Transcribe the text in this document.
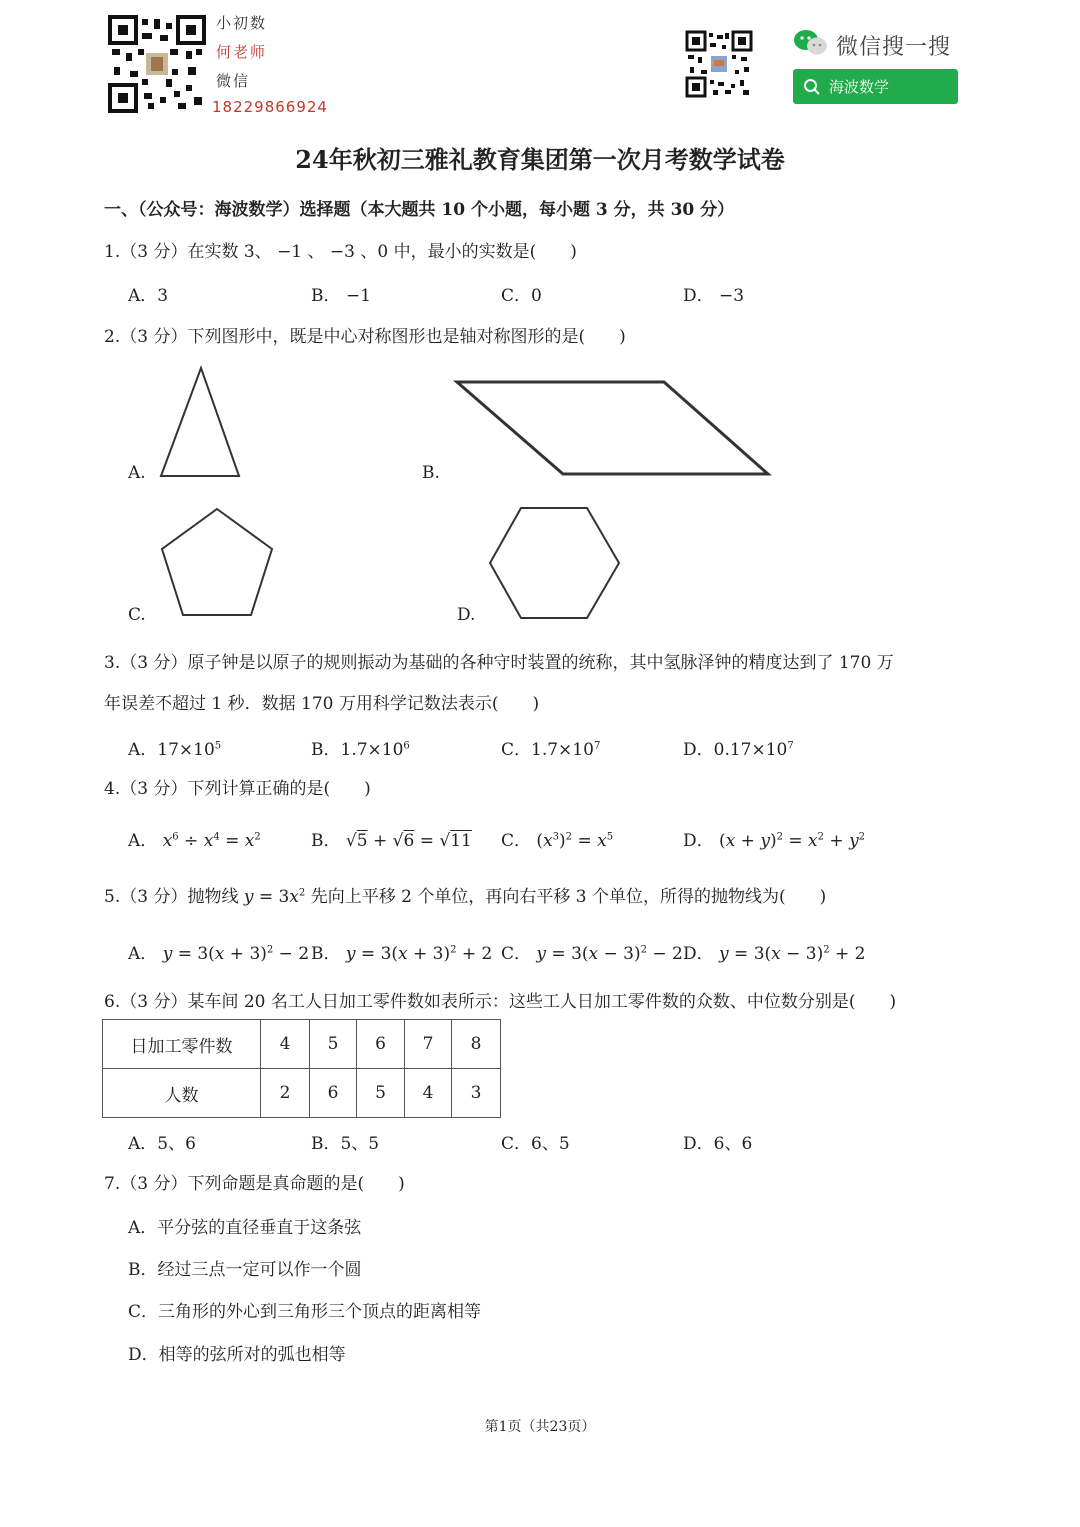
小初数
何老师
微信
18229866924
微信搜一搜
海波数学
24年秋初三雅礼教育集团第一次月考数学试卷
一、（公众号：海波数学）选择题（本大题共 10 个小题，每小题 3 分，共 30 分）
1.（3 分）在实数 3、 −1 、 −3 、0 中，最小的实数是(　　)
A．3	B． −1	C．0	D． −3
2.（3 分）下列图形中，既是中心对称图形也是轴对称图形的是(　　)
A.	B.
C.	D.
3.（3 分）原子钟是以原子的规则振动为基础的各种守时装置的统称，其中氢脉泽钟的精度达到了 170 万
年误差不超过 1 秒．数据 170 万用科学记数法表示(　　)
A．$17\times 10^5$	B．$1.7\times 10^6$	C．$1.7\times 10^7$	D．$0.17\times 10^7$
4.（3 分）下列计算正确的是(　　)
A． $x^6 \div x^4 = x^2$	B． √5 + √6 = √11 C． $(x^3)^2 = x^5$	D． $(x + y)^2 = x^2 + y^2$
5.（3 分）抛物线 $y = 3x^2$ 先向上平移 2 个单位，再向右平移 3 个单位，所得的抛物线为(　　)
A． $y = 3(x + 3)^2 - 2$ B． $y = 3(x + 3)^2 + 2$ C． $y = 3(x - 3)^2 - 2$ D． $y = 3(x - 3)^2 + 2$
6.（3 分）某车间 20 名工人日加工零件数如表所示：这些工人日加工零件数的众数、中位数分别是(　　)
日加工零件数	4	5	6	7	8
人数	2	6	5	4	3
A．5、6	B．5、5	C．6、5	D．6、6
7.（3 分）下列命题是真命题的是(　　)
A．平分弦的直径垂直于这条弦
B．经过三点一定可以作一个圆
C．三角形的外心到三角形三个顶点的距离相等
D．相等的弦所对的弧也相等
第1页（共23页）
